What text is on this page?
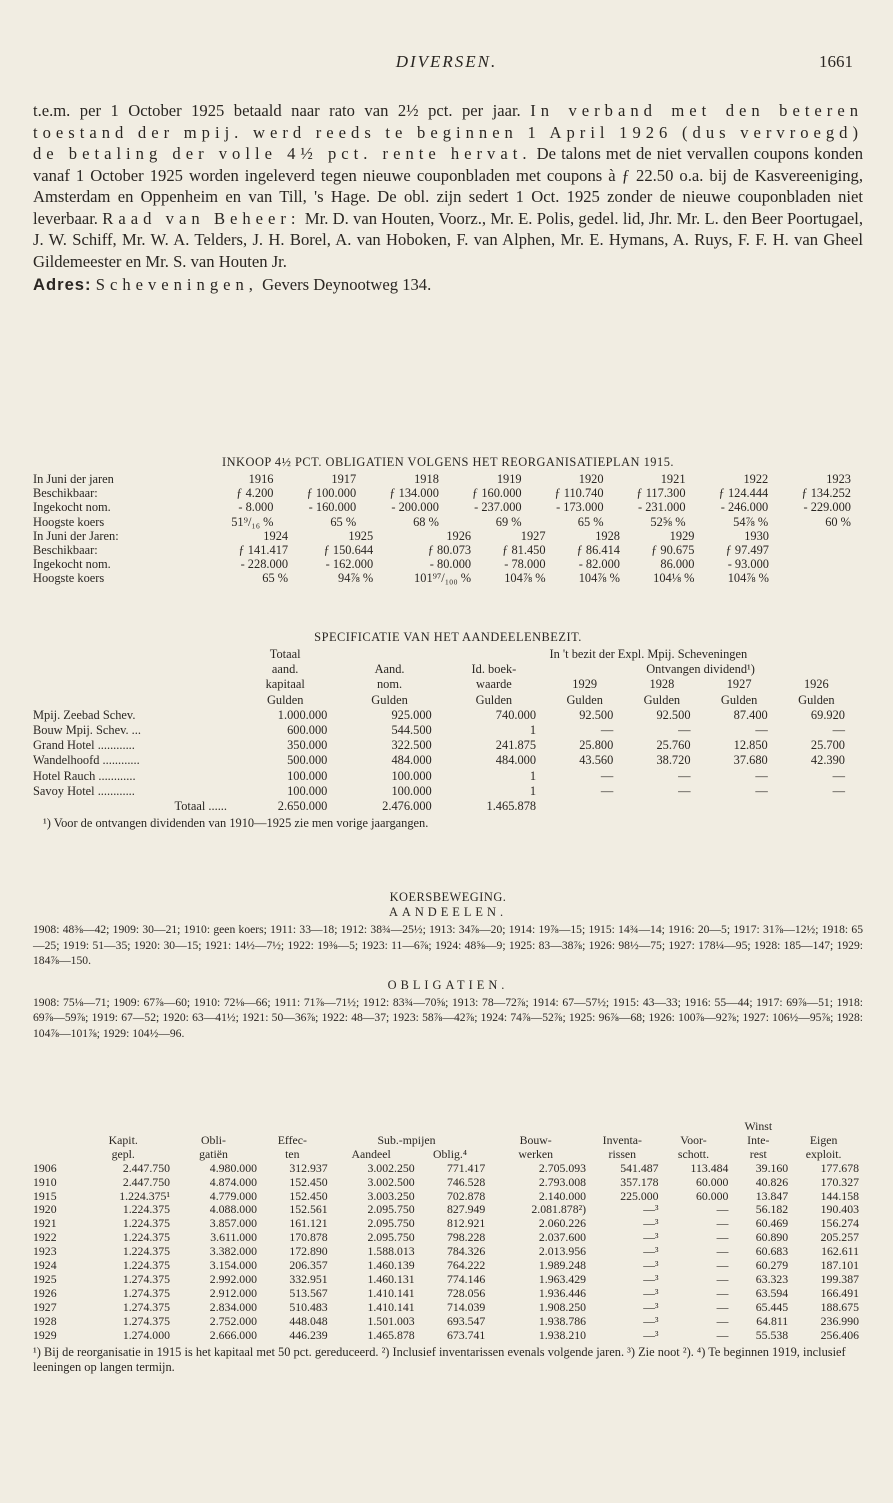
DIVERSEN.	1661

t.e.m. per 1 October 1925 betaald naar rato van 2½ pct. per jaar. In verband met den beteren toestand der mpij. werd reeds te beginnen 1 April 1926 (dus vervroegd) de betaling der volle 4½ pct. rente hervat. De talons met de niet vervallen coupons konden vanaf 1 October 1925 worden ingeleverd tegen nieuwe couponbladen met coupons à ƒ 22.50 o.a. bij de Kasvereeniging, Amsterdam en Oppenheim en van Till, 's Hage. De obl. zijn sedert 1 Oct. 1925 zonder de nieuwe couponbladen niet leverbaar. Raad van Beheer: Mr. D. van Houten, Voorz., Mr. E. Polis, gedel. lid, Jhr. Mr. L. den Beer Poortugael, J. W. Schiff, Mr. W. A. Telders, J. H. Borel, A. van Hoboken, F. van Alphen, Mr. E. Hymans, A. Ruys, F. F. H. van Gheel Gildemeester en Mr. S. van Houten Jr.

Adres: Scheveningen, Gevers Deynootweg 134.

INKOOP 4½ PCT. OBLIGATIEN VOLGENS HET REORGANISATIEPLAN 1915.
In Juni der jaren	1916	1917	1918	1919	1920	1921	1922	1923
Beschikbaar:	ƒ 4.200	ƒ 100.000	ƒ 134.000	ƒ 160.000	ƒ 110.740	ƒ 117.300	ƒ 124.444	ƒ 134.252
Ingekocht nom.	- 8.000	- 160.000	- 200.000	- 237.000	- 173.000	- 231.000	- 246.000	- 229.000
Hoogste koers	51⁹/₁₆ %	65 %	68 %	69 %	65 %	52⅝ %	54⅞ %	60 %
In Juni der Jaren:	1924	1925	1926	1927	1928	1929	1930
Beschikbaar:	ƒ 141.417	ƒ 150.644	ƒ 80.073	ƒ 81.450	ƒ 86.414	ƒ 90.675	ƒ 97.497
Ingekocht nom.	- 228.000	- 162.000	- 80.000	- 78.000	- 82.000	86.000	- 93.000
Hoogste koers	65 %	94⅞ %	101⁹⁷/₁₀₀ %	104⅞ %	104⅞ %	104⅛ %	104⅞ %
SPECIFICATIE VAN HET AANDEELENBEZIT.
	Totaal		In 't bezit der Expl. Mpij. Scheveningen				
	aand.	Aand.	Id. boek-	Ontvangen dividend¹)			
	kapitaal	nom.	waarde	1929	1928	1927	1926
	Gulden	Gulden	Gulden	Gulden	Gulden	Gulden	Gulden
Mpij. Zeebad Schev.	1.000.000	925.000	740.000	92.500	92.500	87.400	69.920
Bouw Mpij. Schev. ...	600.000	544.500	1	—	—	—	—
Grand Hotel ............	350.000	322.500	241.875	25.800	25.760	12.850	25.700
Wandelhoofd ............	500.000	484.000	484.000	43.560	38.720	37.680	42.390
Hotel Rauch ............	100.000	100.000	1	—	—	—	—
Savoy Hotel ............	100.000	100.000	1	—	—	—	—
Totaal ......	2.650.000	2.476.000	1.465.878				

¹) Voor de ontvangen dividenden van 1910—1925 zie men vorige jaargangen.

KOERSBEWEGING.
AANDEELEN.

1908: 48⅜—42; 1909: 30—21; 1910: geen koers; 1911: 33—18; 1912: 38¾—25½; 1913: 34⅞—20; 1914: 19⅞—15; 1915: 14¾—14; 1916: 20—5; 1917: 31⅞—12½; 1918: 65—25; 1919: 51—35; 1920: 30—15; 1921: 14½—7½; 1922: 19⅜—5; 1923: 11—6⅞; 1924: 48⅝—9; 1925: 83—38⅞; 1926: 98½—75; 1927: 178¼—95; 1928: 185—147; 1929: 184⅞—150.

OBLIGATIEN.

1908: 75⅛—71; 1909: 67⅞—60; 1910: 72⅛—66; 1911: 71⅞—71½; 1912: 83¾—70⅝; 1913: 78—72⅞; 1914: 67—57½; 1915: 43—33; 1916: 55—44; 1917: 69⅞—51; 1918: 69⅞—59⅞; 1919: 67—52; 1920: 63—41½; 1921: 50—36⅞; 1922: 48—37; 1923: 58⅞—42⅞; 1924: 74⅞—52⅞; 1925: 96⅞—68; 1926: 100⅞—92⅞; 1927: 106½—95⅞; 1928: 104⅞—101⅞; 1929: 104½—96.

									Winst	
	Kapit.	Obli-	Effec-	Sub.-mpijen		Bouw-	Inventa-	Voor-	Inte-	Eigen
	gepl.	gatiën	ten	Aandeel	Oblig.⁴	werken	rissen	schott.	rest	exploit.
1906	2.447.750	4.980.000	312.937	3.002.250	771.417	2.705.093	541.487	113.484	39.160	177.678
1910	2.447.750	4.874.000	152.450	3.002.500	746.528	2.793.008	357.178	60.000	40.826	170.327
1915	1.224.375¹	4.779.000	152.450	3.003.250	702.878	2.140.000	225.000	60.000	13.847	144.158
1920	1.224.375	4.088.000	152.561	2.095.750	827.949	2.081.878²)	—³	—	56.182	190.403
1921	1.224.375	3.857.000	161.121	2.095.750	812.921	2.060.226	—³	—	60.469	156.274
1922	1.224.375	3.611.000	170.878	2.095.750	798.228	2.037.600	—³	—	60.890	205.257
1923	1.224.375	3.382.000	172.890	1.588.013	784.326	2.013.956	—³	—	60.683	162.611
1924	1.224.375	3.154.000	206.357	1.460.139	764.222	1.989.248	—³	—	60.279	187.101
1925	1.274.375	2.992.000	332.951	1.460.131	774.146	1.963.429	—³	—	63.323	199.387
1926	1.274.375	2.912.000	513.567	1.410.141	728.056	1.936.446	—³	—	63.594	166.491
1927	1.274.375	2.834.000	510.483	1.410.141	714.039	1.908.250	—³	—	65.445	188.675
1928	1.274.375	2.752.000	448.048	1.501.003	693.547	1.938.786	—³	—	64.811	236.990
1929	1.274.000	2.666.000	446.239	1.465.878	673.741	1.938.210	—³	—	55.538	256.406

¹) Bij de reorganisatie in 1915 is het kapitaal met 50 pct. gereduceerd. ²) Inclusief inventarissen evenals volgende jaren. ³) Zie noot ²). ⁴) Te beginnen 1919, inclusief leeningen op langen termijn.
